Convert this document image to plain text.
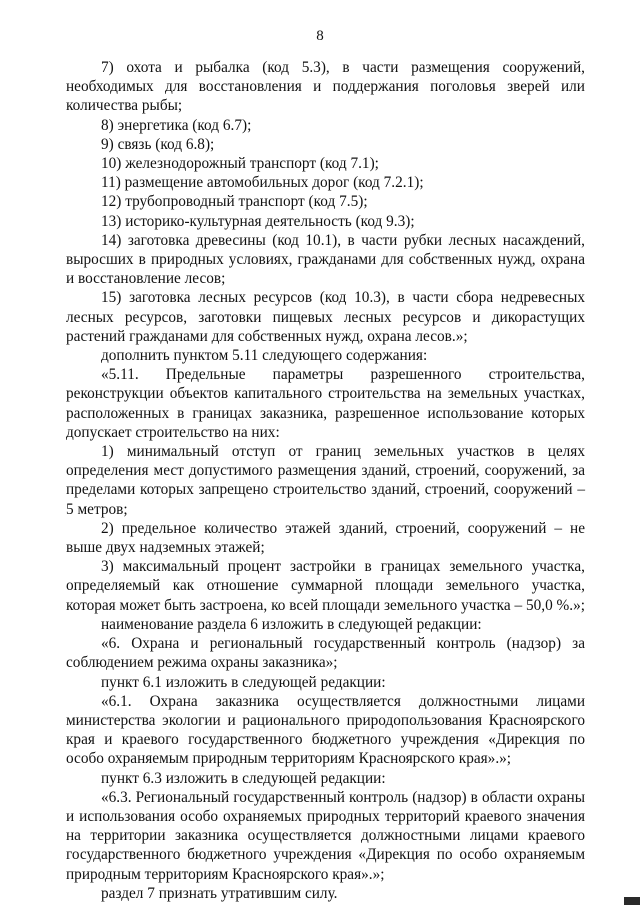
8

7) охота и рыбалка (код 5.3), в части размещения сооружений, необходимых для восстановления и поддержания поголовья зверей или количества рыбы;

8) энергетика (код 6.7);

9) связь (код 6.8);

10) железнодорожный транспорт (код 7.1);

11) размещение автомобильных дорог (код 7.2.1);

12) трубопроводный транспорт (код 7.5);

13) историко-культурная деятельность (код 9.3);

14) заготовка древесины (код 10.1), в части рубки лесных насаждений, выросших в природных условиях, гражданами для собственных нужд, охрана и восстановление лесов;

15) заготовка лесных ресурсов (код 10.3), в части сбора недревесных лесных ресурсов, заготовки пищевых лесных ресурсов и дикорастущих растений гражданами для собственных нужд, охрана лесов.»;

дополнить пунктом 5.11 следующего содержания:

«5.11. Предельные параметры разрешенного строительства, реконструкции объектов капитального строительства на земельных участках, расположенных в границах заказника, разрешенное использование которых допускает строительство на них:

1) минимальный отступ от границ земельных участков в целях определения мест допустимого размещения зданий, строений, сооружений, за пределами которых запрещено строительство зданий, строений, сооружений – 5 метров;

2) предельное количество этажей зданий, строений, сооружений – не выше двух надземных этажей;

3) максимальный процент застройки в границах земельного участка, определяемый как отношение суммарной площади земельного участка, которая может быть застроена, ко всей площади земельного участка – 50,0 %.»;

наименование раздела 6 изложить в следующей редакции:

«6. Охрана и региональный государственный контроль (надзор) за соблюдением режима охраны заказника»;

пункт 6.1 изложить в следующей редакции:

«6.1. Охрана заказника осуществляется должностными лицами министерства экологии и рационального природопользования Красноярского края и краевого государственного бюджетного учреждения «Дирекция по особо охраняемым природным территориям Красноярского края».»;

пункт 6.3 изложить в следующей редакции:

«6.3. Региональный государственный контроль (надзор) в области охраны и использования особо охраняемых природных территорий краевого значения на территории заказника осуществляется должностными лицами краевого государственного бюджетного учреждения «Дирекция по особо охраняемым природным территориям Красноярского края».»;

раздел 7 признать утратившим силу.
